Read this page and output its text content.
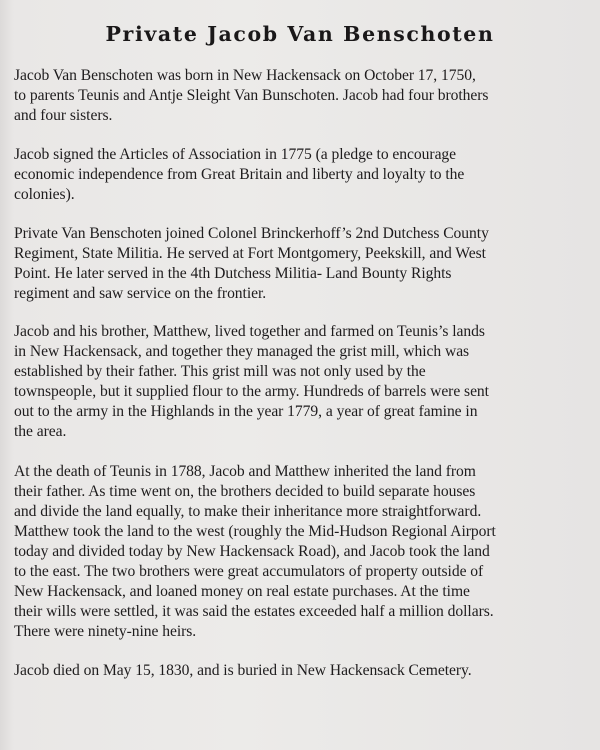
Private Jacob Van Benschoten

Jacob Van Benschoten was born in New Hackensack on October 17, 1750,
to parents Teunis and Antje Sleight Van Bunschoten. Jacob had four brothers
and four sisters.

Jacob signed the Articles of Association in 1775 (a pledge to encourage
economic independence from Great Britain and liberty and loyalty to the
colonies).

Private Van Benschoten joined Colonel Brinckerhoff’s 2nd Dutchess County
Regiment, State Militia. He served at Fort Montgomery, Peekskill, and West
Point. He later served in the 4th Dutchess Militia- Land Bounty Rights
regiment and saw service on the frontier.

Jacob and his brother, Matthew, lived together and farmed on Teunis’s lands
in New Hackensack, and together they managed the grist mill, which was
established by their father. This grist mill was not only used by the
townspeople, but it supplied flour to the army. Hundreds of barrels were sent
out to the army in the Highlands in the year 1779, a year of great famine in
the area.

At the death of Teunis in 1788, Jacob and Matthew inherited the land from
their father. As time went on, the brothers decided to build separate houses
and divide the land equally, to make their inheritance more straightforward.
Matthew took the land to the west (roughly the Mid-Hudson Regional Airport
today and divided today by New Hackensack Road), and Jacob took the land
to the east. The two brothers were great accumulators of property outside of
New Hackensack, and loaned money on real estate purchases. At the time
their wills were settled, it was said the estates exceeded half a million dollars.
There were ninety-nine heirs.

Jacob died on May 15, 1830, and is buried in New Hackensack Cemetery.
